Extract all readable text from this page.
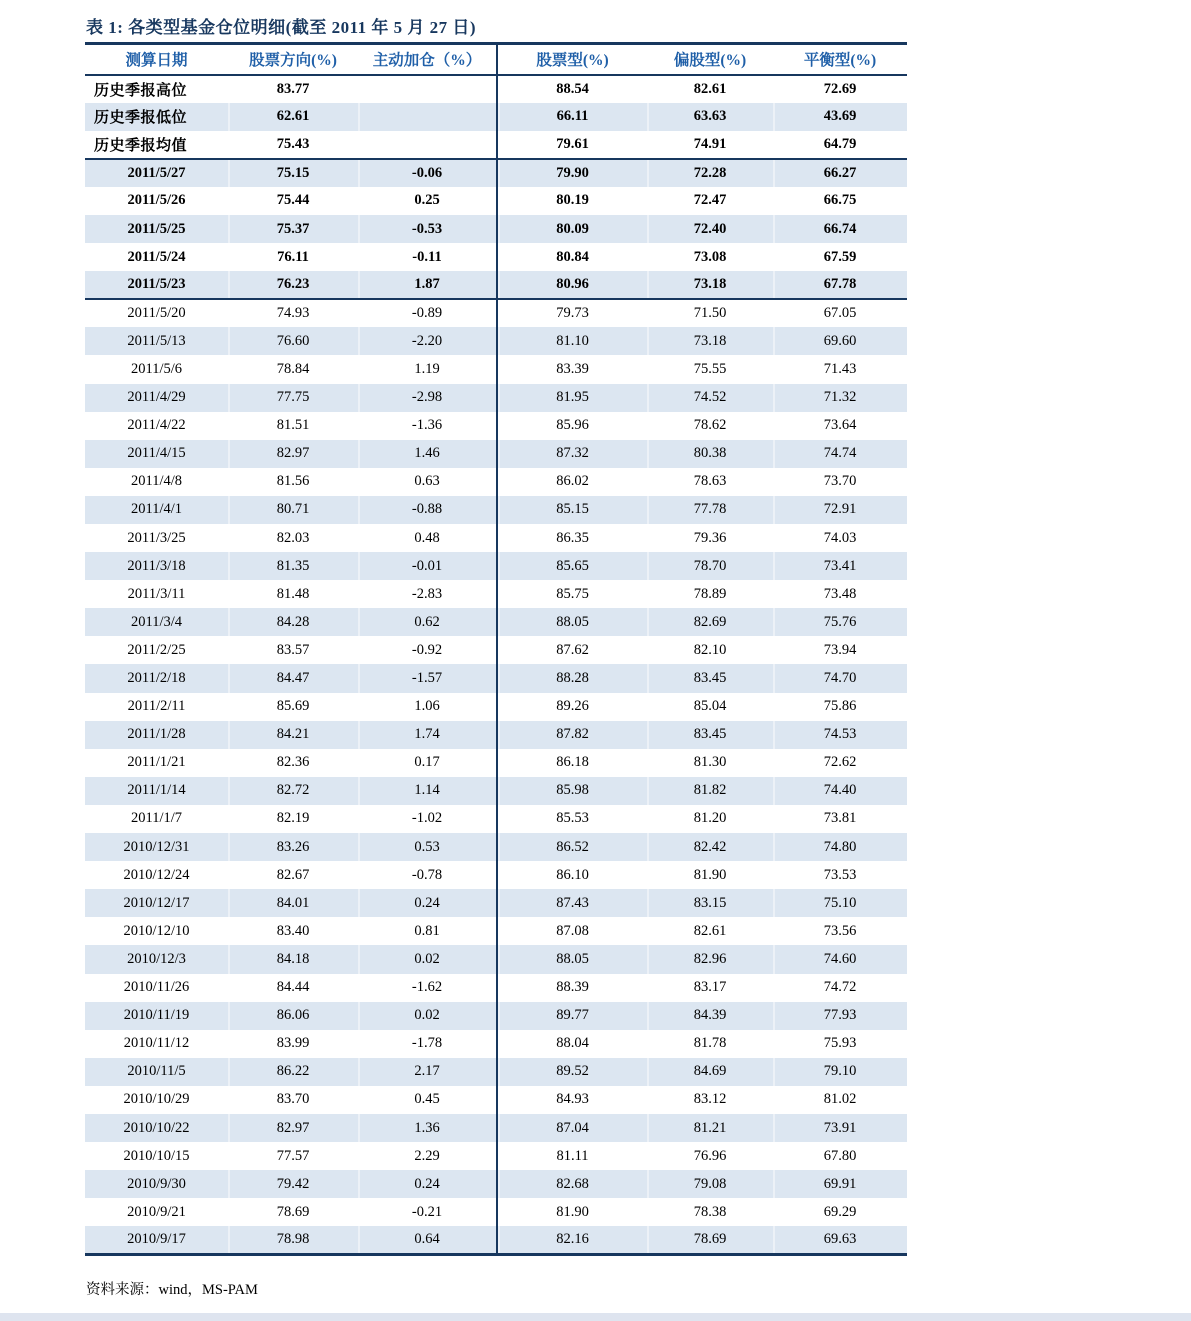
表 1: 各类型基金仓位明细(截至 2011 年 5 月 27 日)
测算日期	股票方向(%)	主动加仓（%）	股票型(%)	偏股型(%)	平衡型(%)
历史季报高位	83.77		88.54	82.61	72.69
历史季报低位	62.61		66.11	63.63	43.69
历史季报均值	75.43		79.61	74.91	64.79
2011/5/27	75.15	-0.06	79.90	72.28	66.27
2011/5/26	75.44	0.25	80.19	72.47	66.75
2011/5/25	75.37	-0.53	80.09	72.40	66.74
2011/5/24	76.11	-0.11	80.84	73.08	67.59
2011/5/23	76.23	1.87	80.96	73.18	67.78
2011/5/20	74.93	-0.89	79.73	71.50	67.05
2011/5/13	76.60	-2.20	81.10	73.18	69.60
2011/5/6	78.84	1.19	83.39	75.55	71.43
2011/4/29	77.75	-2.98	81.95	74.52	71.32
2011/4/22	81.51	-1.36	85.96	78.62	73.64
2011/4/15	82.97	1.46	87.32	80.38	74.74
2011/4/8	81.56	0.63	86.02	78.63	73.70
2011/4/1	80.71	-0.88	85.15	77.78	72.91
2011/3/25	82.03	0.48	86.35	79.36	74.03
2011/3/18	81.35	-0.01	85.65	78.70	73.41
2011/3/11	81.48	-2.83	85.75	78.89	73.48
2011/3/4	84.28	0.62	88.05	82.69	75.76
2011/2/25	83.57	-0.92	87.62	82.10	73.94
2011/2/18	84.47	-1.57	88.28	83.45	74.70
2011/2/11	85.69	1.06	89.26	85.04	75.86
2011/1/28	84.21	1.74	87.82	83.45	74.53
2011/1/21	82.36	0.17	86.18	81.30	72.62
2011/1/14	82.72	1.14	85.98	81.82	74.40
2011/1/7	82.19	-1.02	85.53	81.20	73.81
2010/12/31	83.26	0.53	86.52	82.42	74.80
2010/12/24	82.67	-0.78	86.10	81.90	73.53
2010/12/17	84.01	0.24	87.43	83.15	75.10
2010/12/10	83.40	0.81	87.08	82.61	73.56
2010/12/3	84.18	0.02	88.05	82.96	74.60
2010/11/26	84.44	-1.62	88.39	83.17	74.72
2010/11/19	86.06	0.02	89.77	84.39	77.93
2010/11/12	83.99	-1.78	88.04	81.78	75.93
2010/11/5	86.22	2.17	89.52	84.69	79.10
2010/10/29	83.70	0.45	84.93	83.12	81.02
2010/10/22	82.97	1.36	87.04	81.21	73.91
2010/10/15	77.57	2.29	81.11	76.96	67.80
2010/9/30	79.42	0.24	82.68	79.08	69.91
2010/9/21	78.69	-0.21	81.90	78.38	69.29
2010/9/17	78.98	0.64	82.16	78.69	69.63
资料来源：wind，MS-PAM
